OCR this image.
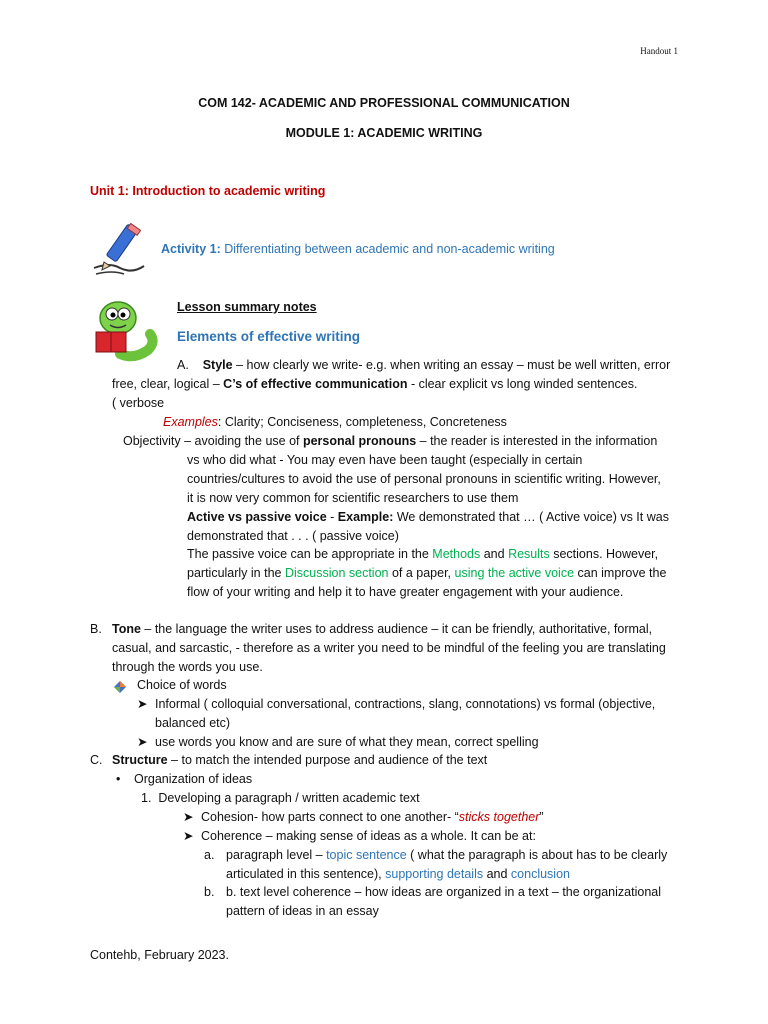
Handout 1

COM 142- ACADEMIC AND PROFESSIONAL COMMUNICATION

MODULE 1: ACADEMIC WRITING

Unit 1: Introduction to academic writing

Activity 1: Differentiating between academic and non-academic writing

Lesson summary notes

Elements of effective writing

A. Style – how clearly we write- e.g. when writing an essay – must be well written, error

free, clear, logical – C’s of effective communication - clear explicit vs long winded sentences.

( verbose

Examples: Clarity; Conciseness, completeness, Concreteness

Objectivity – avoiding the use of personal pronouns – the reader is interested in the information

vs who did what - You may even have been taught (especially in certain

countries/cultures to avoid the use of personal pronouns in scientific writing. However,

it is now very common for scientific researchers to use them

Active vs passive voice - Example: We demonstrated that … ( Active voice) vs It was

demonstrated that . . . ( passive voice)

The passive voice can be appropriate in the Methods and Results sections. However,

particularly in the Discussion section of a paper, using the active voice can improve the

flow of your writing and help it to have greater engagement with your audience.

B. Tone – the language the writer uses to address audience – it can be friendly, authoritative, formal,

casual, and sarcastic, - therefore as a writer you need to be mindful of the feeling you are translating

through the words you use.

Choice of words

➤ Informal ( colloquial conversational, contractions, slang, connotations) vs formal (objective,

balanced etc)

➤ use words you know and are sure of what they mean, correct spelling

C. Structure – to match the intended purpose and audience of the text

• Organization of ideas

1. Developing a paragraph / written academic text

➤ Cohesion- how parts connect to one another- “sticks together”

➤ Coherence – making sense of ideas as a whole. It can be at:

a. paragraph level – topic sentence ( what the paragraph is about has to be clearly

articulated in this sentence), supporting details and conclusion

b. b. text level coherence – how ideas are organized in a text – the organizational

pattern of ideas in an essay

Contehb, February 2023.
